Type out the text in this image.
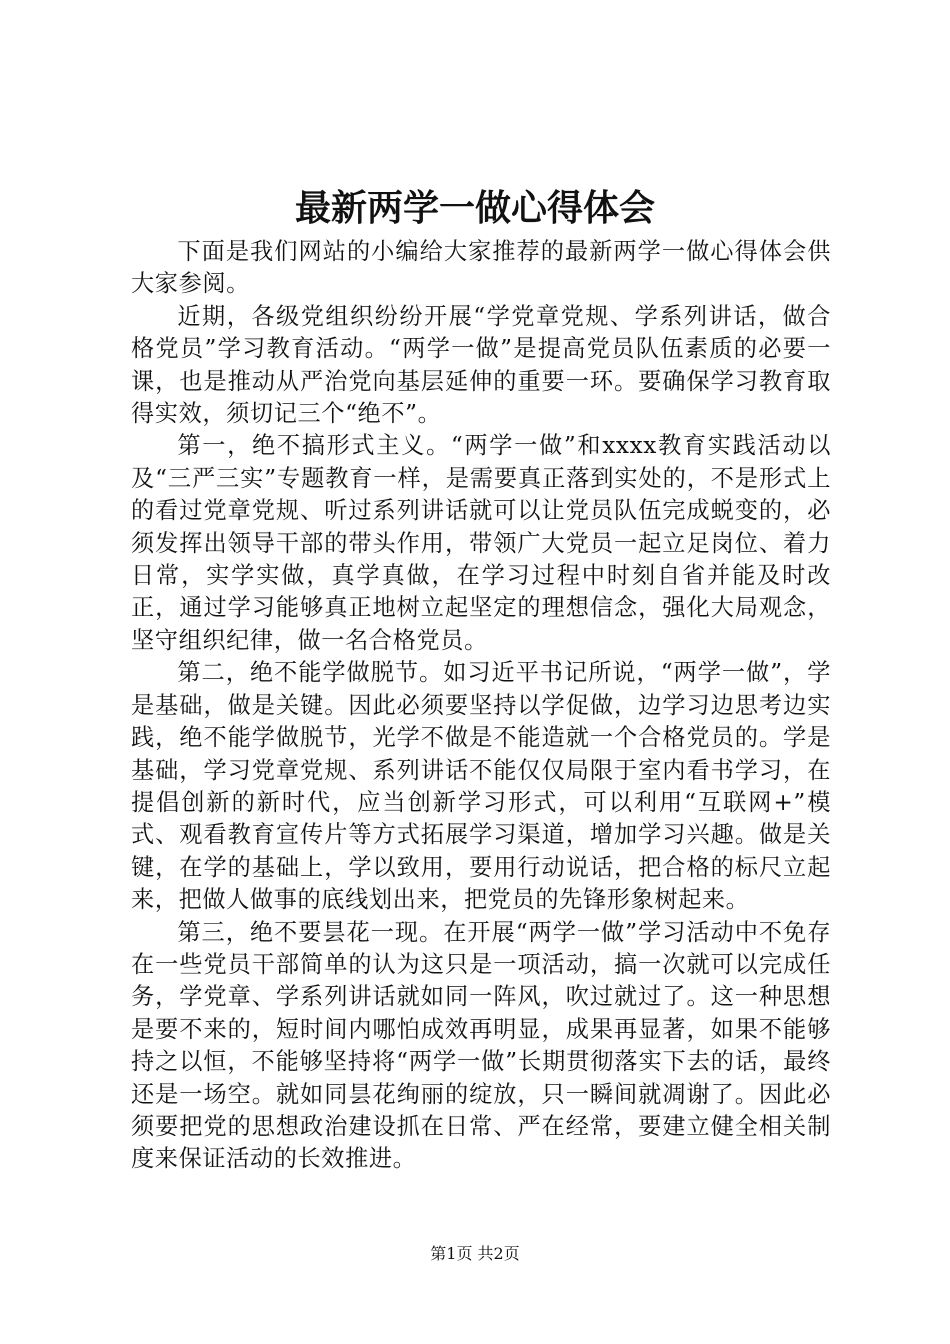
最新两学一做心得体会

下面是我们网站的小编给大家推荐的最新两学一做心得体会供大家参阅。

近期，各级党组织纷纷开展“学党章党规、学系列讲话，做合格党员”学习教育活动。“两学一做”是提高党员队伍素质的必要一课，也是推动从严治党向基层延伸的重要一环。要确保学习教育取得实效，须切记三个“绝不”。

第一，绝不搞形式主义。“两学一做”和xxxx教育实践活动以及“三严三实”专题教育一样，是需要真正落到实处的，不是形式上的看过党章党规、听过系列讲话就可以让党员队伍完成蜕变的，必须发挥出领导干部的带头作用，带领广大党员一起立足岗位、着力日常，实学实做，真学真做，在学习过程中时刻自省并能及时改正，通过学习能够真正地树立起坚定的理想信念，强化大局观念，坚守组织纪律，做一名合格党员。

第二，绝不能学做脱节。如习近平书记所说，“两学一做”，学是基础，做是关键。因此必须要坚持以学促做，边学习边思考边实践，绝不能学做脱节，光学不做是不能造就一个合格党员的。学是基础，学习党章党规、系列讲话不能仅仅局限于室内看书学习，在提倡创新的新时代，应当创新学习形式，可以利用“互联网+”模式、观看教育宣传片等方式拓展学习渠道，增加学习兴趣。做是关键，在学的基础上，学以致用，要用行动说话，把合格的标尺立起来，把做人做事的底线划出来，把党员的先锋形象树起来。

第三，绝不要昙花一现。在开展“两学一做”学习活动中不免存在一些党员干部简单的认为这只是一项活动，搞一次就可以完成任务，学党章、学系列讲话就如同一阵风，吹过就过了。这一种思想是要不来的，短时间内哪怕成效再明显，成果再显著，如果不能够持之以恒，不能够坚持将“两学一做”长期贯彻落实下去的话，最终还是一场空。就如同昙花绚丽的绽放，只一瞬间就凋谢了。因此必须要把党的思想政治建设抓在日常、严在经常，要建立健全相关制度来保证活动的长效推进。

第1页 共2页
